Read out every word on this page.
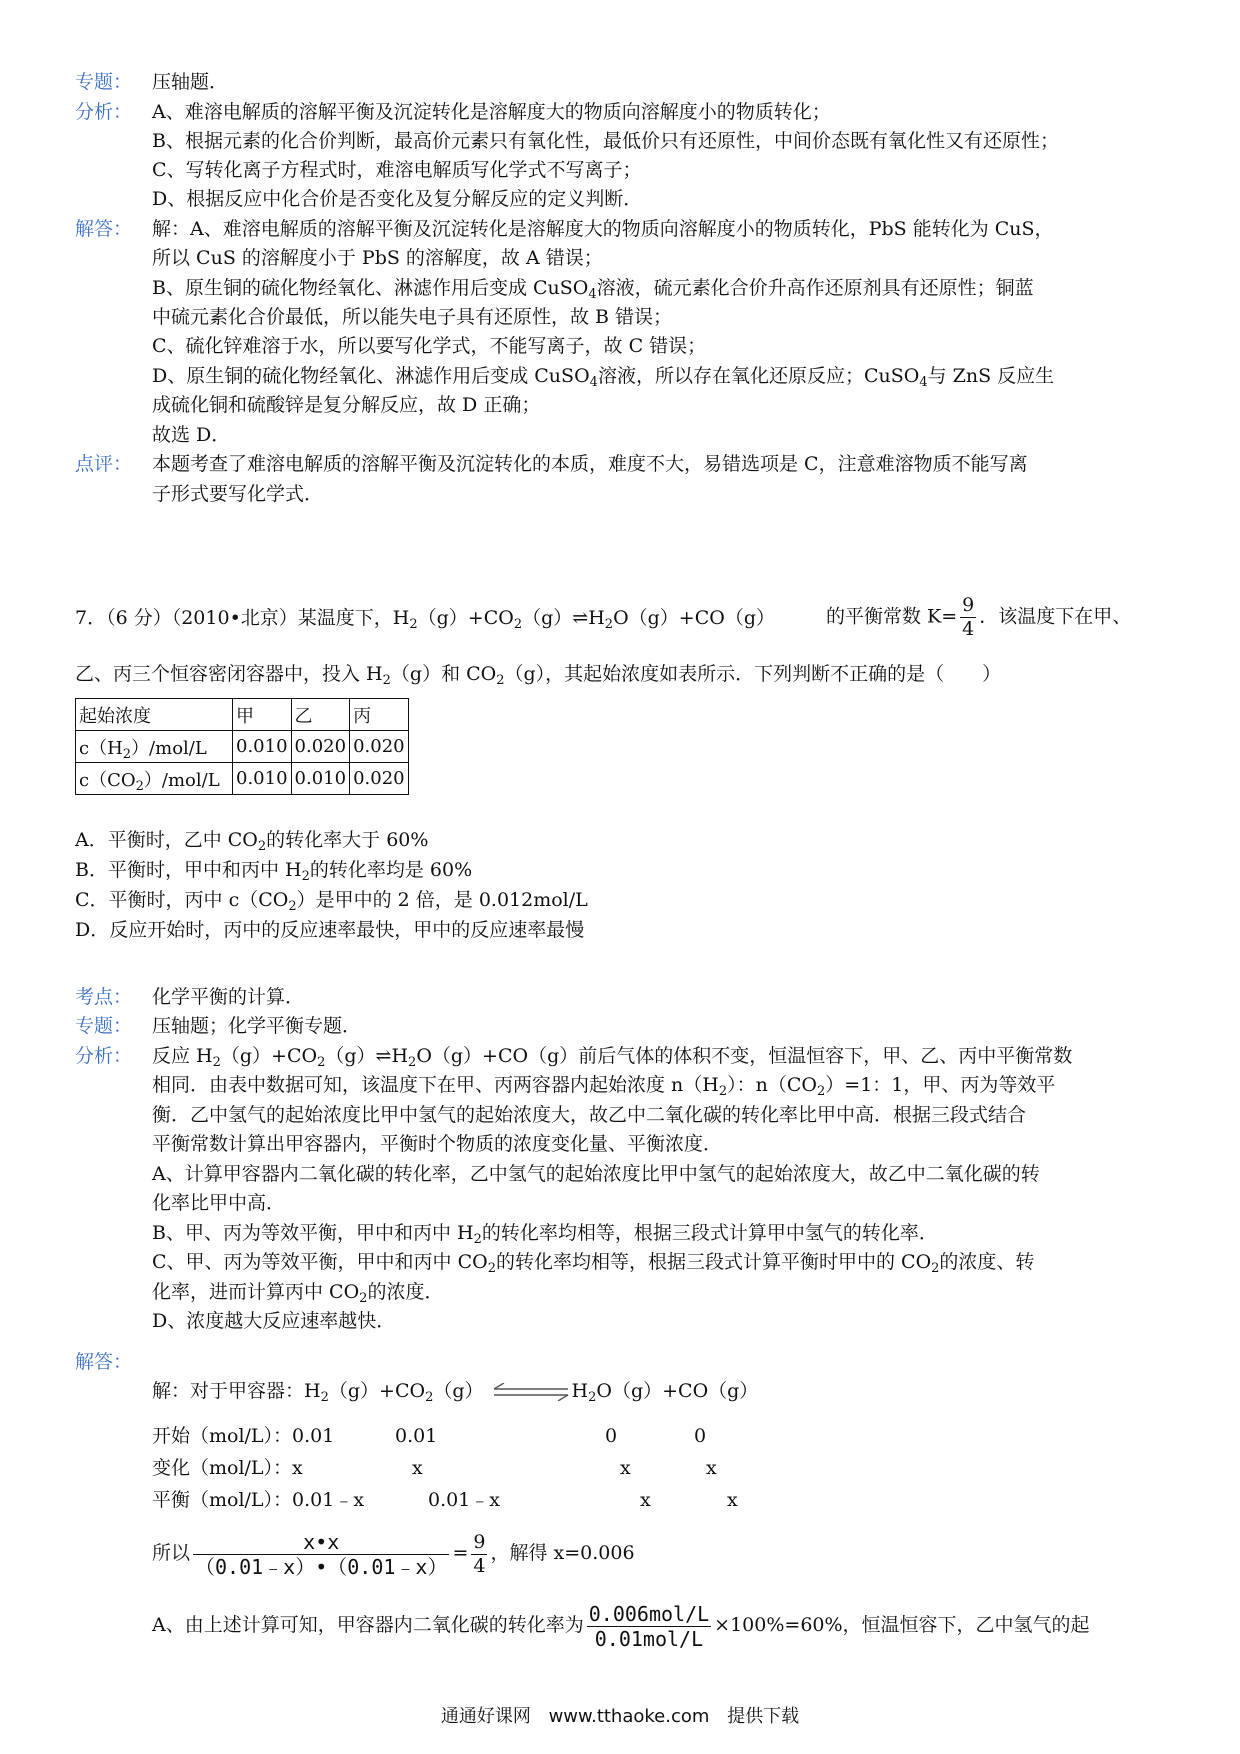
专题： 压轴题．
分析： A、难溶电解质的溶解平衡及沉淀转化是溶解度大的物质向溶解度小的物质转化；
B、根据元素的化合价判断，最高价元素只有氧化性，最低价只有还原性，中间价态既有氧化性又有还原性；
C、写转化离子方程式时，难溶电解质写化学式不写离子；
D、根据反应中化合价是否变化及复分解反应的定义判断．
解答： 解：A、难溶电解质的溶解平衡及沉淀转化是溶解度大的物质向溶解度小的物质转化，PbS 能转化为 CuS，
所以 CuS 的溶解度小于 PbS 的溶解度，故 A 错误；
B、原生铜的硫化物经氧化、淋滤作用后变成 CuSO$_4$溶液，硫元素化合价升高作还原剂具有还原性；铜蓝
中硫元素化合价最低，所以能失电子具有还原性，故 B 错误；
C、硫化锌难溶于水，所以要写化学式，不能写离子，故 C 错误；
D、原生铜的硫化物经氧化、淋滤作用后变成 CuSO$_4$溶液，所以存在氧化还原反应；CuSO$_4$与 ZnS 反应生
成硫化铜和硫酸锌是复分解反应，故 D 正确；
故选 D．
点评： 本题考查了难溶电解质的溶解平衡及沉淀转化的本质，难度不大，易错选项是 C，注意难溶物质不能写离
子形式要写化学式．
7．（6 分）（2010•北京）某温度下，$H_2(g)+CO_2(g)\rightleftharpoons H_2O(g)+CO(g)$	的平衡常数 $K= \frac{9}{4}$ ．该温度下在甲、
乙、丙三个恒容密闭容器中，投入 $H_2(g)$和 $CO_2(g)$，其起始浓度如表所示．下列判断不正确的是（　　）
起始浓度	甲	乙	丙
$c(H_2)/mol/L$	0.010	0.020	0.020
$c(CO_2)/mol/L$	0.010	0.010	0.020
A．平衡时，乙中 $CO_2$的转化率大于 60%
B．平衡时，甲中和丙中 $H_2$的转化率均是 60%
C．平衡时，丙中 $c(CO_2)$是甲中的 2 倍，是 0.012mol/L
D．反应开始时，丙中的反应速率最快，甲中的反应速率最慢
考点： 化学平衡的计算．
专题： 压轴题；化学平衡专题．
分析： 反应 $H_2(g)+CO_2(g)\rightleftharpoons H_2O(g)+CO(g)$前后气体的体积不变，恒温恒容下，甲、乙、丙中平衡常数
相同．由表中数据可知，该温度下在甲、丙两容器内起始浓度 $n(H_2)$：$n(CO_2)=1$：1，甲、丙为等效平
衡．乙中氢气的起始浓度比甲中氢气的起始浓度大，故乙中二氧化碳的转化率比甲中高．根据三段式结合
平衡常数计算出甲容器内，平衡时个物质的浓度变化量、平衡浓度．
A、计算甲容器内二氧化碳的转化率，乙中氢气的起始浓度比甲中氢气的起始浓度大，故乙中二氧化碳的转
化率比甲中高．
B、甲、丙为等效平衡，甲中和丙中 $H_2$的转化率均相等，根据三段式计算甲中氢气的转化率．
C、甲、丙为等效平衡，甲中和丙中 $CO_2$的转化率均相等，根据三段式计算平衡时甲中的 $CO_2$的浓度、转
化率，进而计算丙中 $CO_2$的浓度．
D、浓度越大反应速率越快．
解答：
解：对于甲容器：$H_2(g)+CO_2(g)$	$H_2O(g)+CO(g)$
开始（mol/L）：0.01	0.01	0	0
变化（mol/L）：x	x	x	x
平衡（mol/L）：0.01﹣x	0.01﹣x	x	x
所以 $\frac{x•x}{(0.01﹣x)•(0.01﹣x)} = \frac{9}{4}$ ，解得 x=0.006
A、由上述计算可知，甲容器内二氧化碳的转化率为 $\frac{\text{0.006mol/L}}{\text{0.01mol/L}} \times 100\%=60\%$，恒温恒容下，乙中氢气的起
通通好课网 www.tthaoke.com 提供下载
